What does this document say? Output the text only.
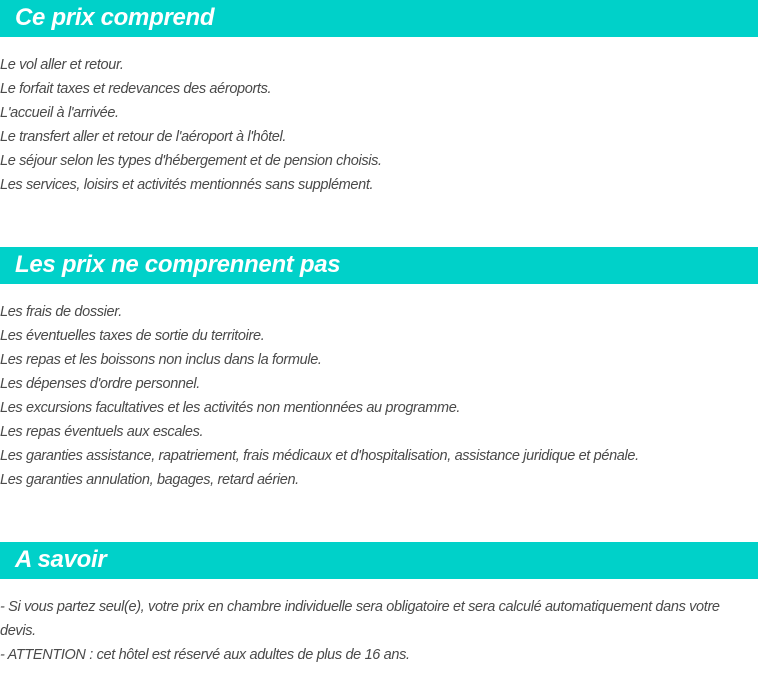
Ce prix comprend
Le vol aller et retour.
Le forfait taxes et redevances des aéroports.
L'accueil à l'arrivée.
Le transfert aller et retour de l'aéroport à l'hôtel.
Le séjour selon les types d'hébergement et de pension choisis.
Les services, loisirs et activités mentionnés sans supplément.
Les prix ne comprennent pas
Les frais de dossier.
Les éventuelles taxes de sortie du territoire.
Les repas et les boissons non inclus dans la formule.
Les dépenses d'ordre personnel.
Les excursions facultatives et les activités non mentionnées au programme.
Les repas éventuels aux escales.
Les garanties assistance, rapatriement, frais médicaux et d'hospitalisation, assistance juridique et pénale.
Les garanties annulation, bagages, retard aérien.
A savoir

- Si vous partez seul(e), votre prix en chambre individuelle sera obligatoire et sera calculé automatiquement dans votre devis.

- ATTENTION : cet hôtel est réservé aux adultes de plus de 16 ans.
